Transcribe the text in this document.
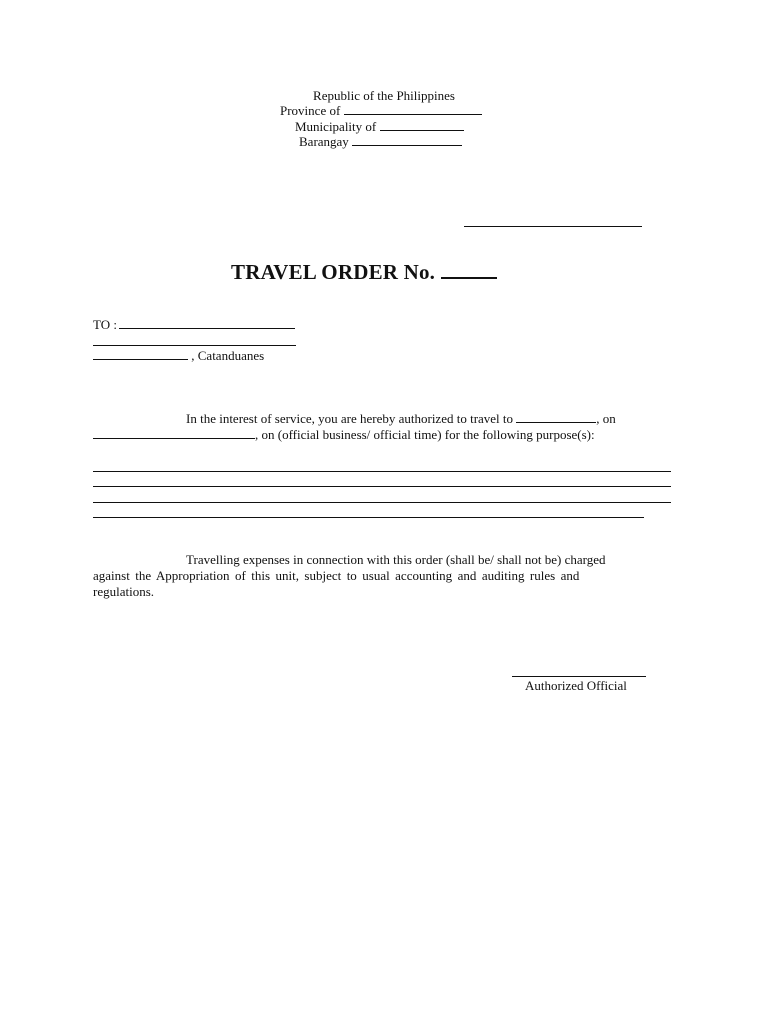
Republic of the Philippines
Province of
Municipality of
Barangay
TRAVEL ORDER No.
TO :
, Catanduanes
In the interest of service, you are hereby authorized to travel to	, on
, on (official business/ official time) for the following purpose(s):
Travelling expenses in connection with this order (shall be/ shall not be) charged
against the Appropriation of this unit, subject to usual accounting and auditing rules and
regulations.
Authorized Official
